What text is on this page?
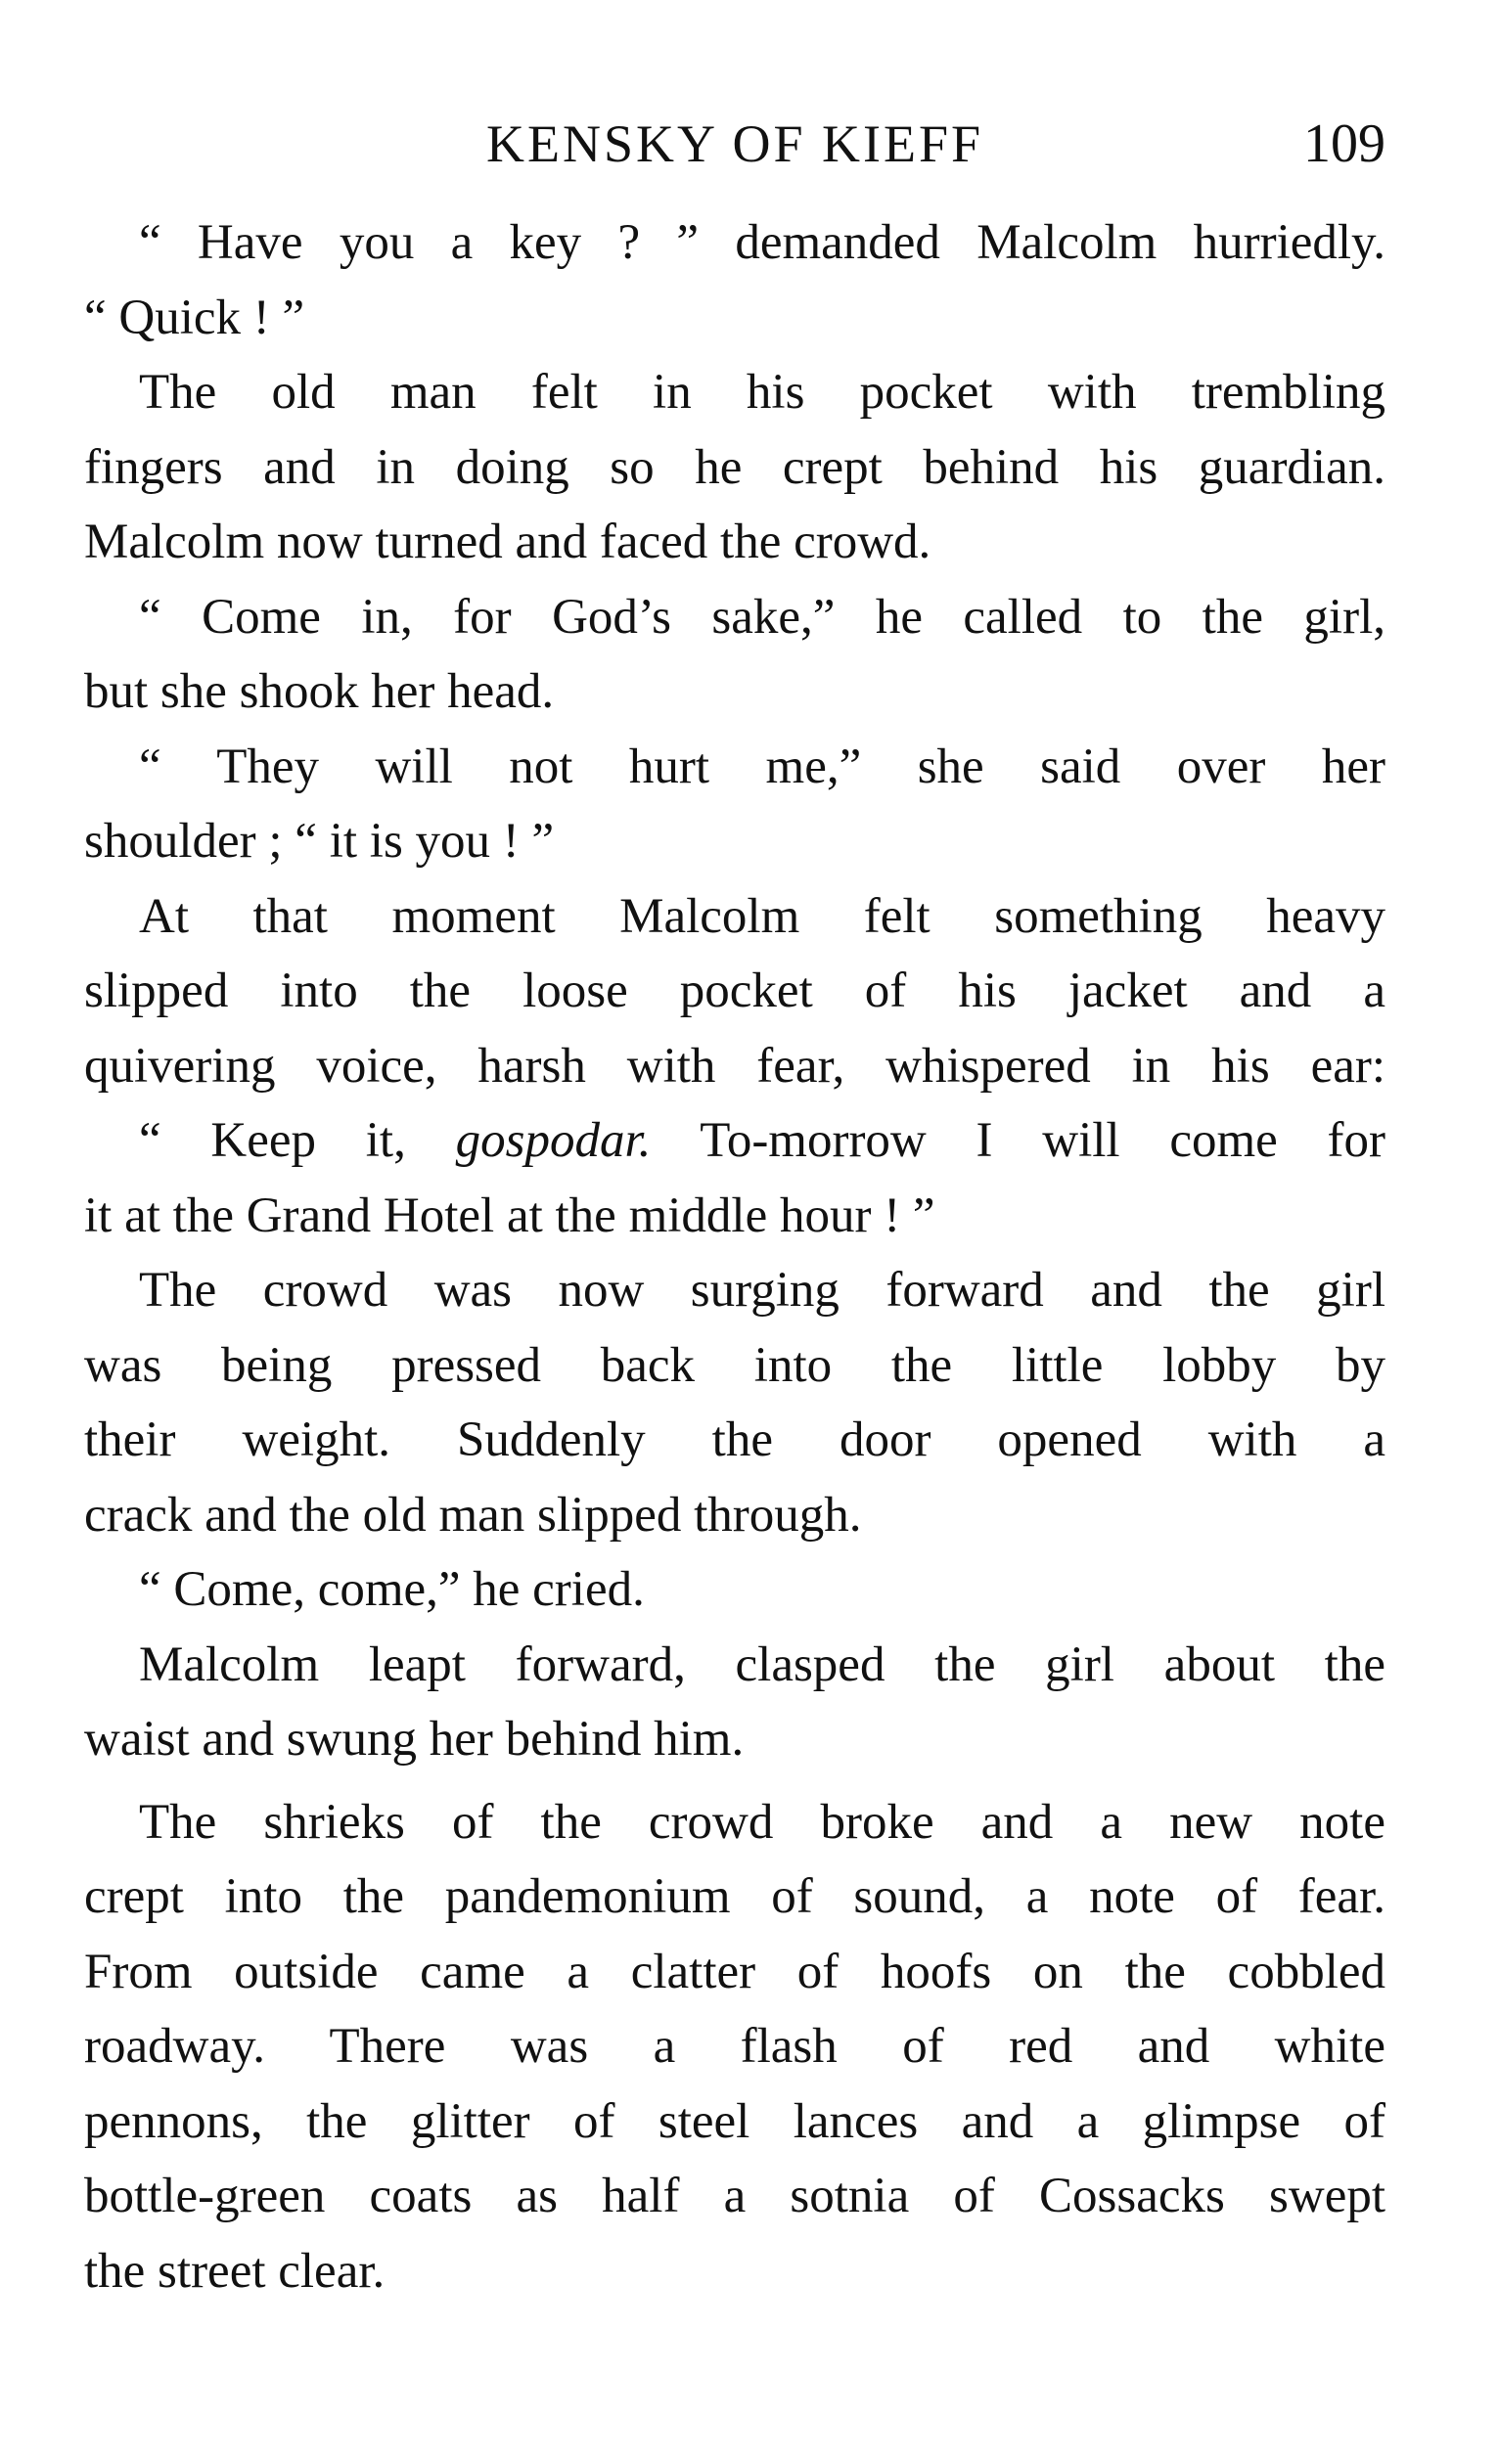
KENSKY OF KIEFF	109
“ Have you a key ? ” demanded Malcolm hurriedly.
“ Quick ! ”
The old man felt in his pocket with trembling
fingers and in doing so he crept behind his guardian.
Malcolm now turned and faced the crowd.
“ Come in, for God’s sake,” he called to the girl,
but she shook her head.
“ They will not hurt me,” she said over her
shoulder ; “ it is you ! ”
At that moment Malcolm felt something heavy
slipped into the loose pocket of his jacket and a
quivering voice, harsh with fear, whispered in his ear:
“ Keep it, gospodar. To-morrow I will come for
it at the Grand Hotel at the middle hour ! ”
The crowd was now surging forward and the girl
was being pressed back into the little lobby by
their weight. Suddenly the door opened with a
crack and the old man slipped through.
“ Come, come,” he cried.
Malcolm leapt forward, clasped the girl about the
waist and swung her behind him.
The shrieks of the crowd broke and a new note
crept into the pandemonium of sound, a note of fear.
From outside came a clatter of hoofs on the cobbled
roadway. There was a flash of red and white
pennons, the glitter of steel lances and a glimpse of
bottle-green coats as half a sotnia of Cossacks swept
the street clear.
